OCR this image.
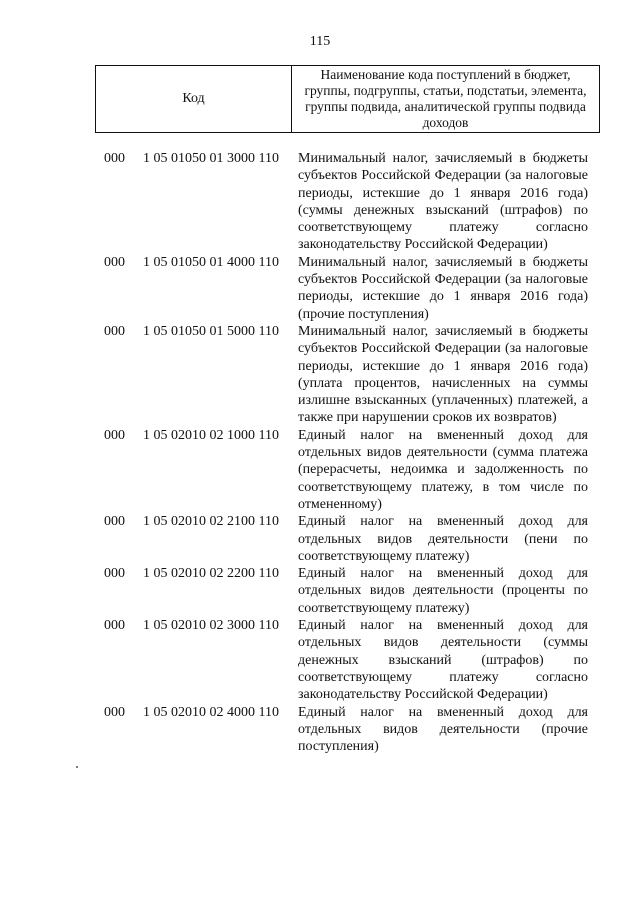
115
Код
Наименование кода поступлений в бюджет, группы, подгруппы, статьи, подстатьи, элемента, группы подвида, аналитической группы подвида доходов
000 1 05 01050 01 3000 110 Минимальный налог, зачисляемый в бюджеты субъектов Российской Федерации (за налоговые периоды, истекшие до 1 января 2016 года) (суммы денежных взысканий (штрафов) по соответствующему платежу согласно законодательству Российской Федерации)
000 1 05 01050 01 4000 110 Минимальный налог, зачисляемый в бюджеты субъектов Российской Федерации (за налоговые периоды, истекшие до 1 января 2016 года) (прочие поступления)
000 1 05 01050 01 5000 110 Минимальный налог, зачисляемый в бюджеты субъектов Российской Федерации (за налоговые периоды, истекшие до 1 января 2016 года) (уплата процентов, начисленных на суммы излишне взысканных (уплаченных) платежей, а также при нарушении сроков их возвратов)
000 1 05 02010 02 1000 110 Единый налог на вмененный доход для отдельных видов деятельности (сумма платежа (перерасчеты, недоимка и задолженность по соответствующему платежу, в том числе по отмененному)
000 1 05 02010 02 2100 110 Единый налог на вмененный доход для отдельных видов деятельности (пени по соответствующему платежу)
000 1 05 02010 02 2200 110 Единый налог на вмененный доход для отдельных видов деятельности (проценты по соответствующему платежу)
000 1 05 02010 02 3000 110 Единый налог на вмененный доход для отдельных видов деятельности (суммы денежных взысканий (штрафов) по соответствующему платежу согласно законодательству Российской Федерации)
000 1 05 02010 02 4000 110 Единый налог на вмененный доход для отдельных видов деятельности (прочие поступления)
